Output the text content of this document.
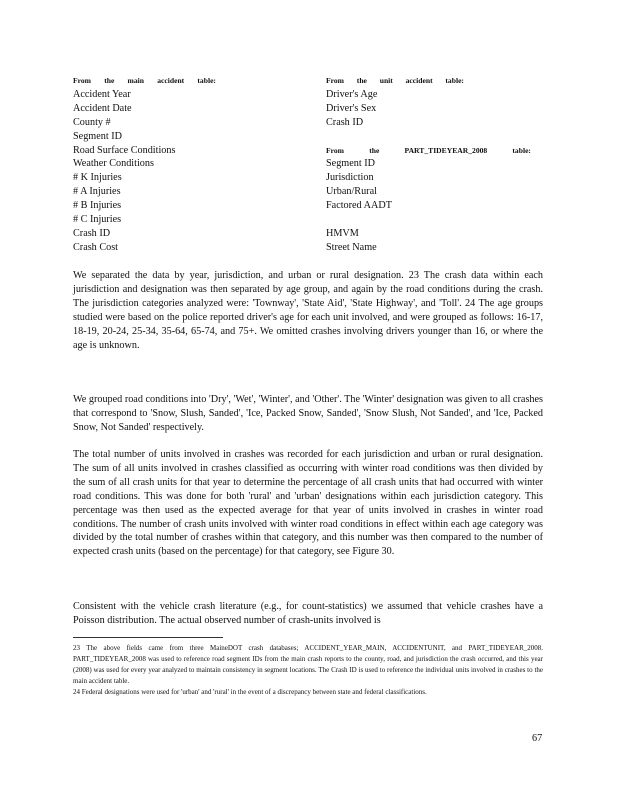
From the main accident table:
Accident Year
Accident Date
County #
Segment ID
Road Surface Conditions
Weather Conditions
# K Injuries
# A Injuries
# B Injuries
# C Injuries
Crash ID
Crash Cost
From the unit accident table:
Driver's Age
Driver's Sex
Crash ID
From	the	PART_TIDEYEAR_2008	table:
Segment ID
Jurisdiction
Urban/Rural
Factored AADT
HMVM
Street Name

We separated the data by year, jurisdiction, and urban or rural designation. 23 The crash data within each jurisdiction and designation was then separated by age group, and again by the road conditions during the crash. The jurisdiction categories analyzed were: 'Townway', 'State Aid', 'State Highway', and 'Toll'. 24 The age groups studied were based on the police reported driver's age for each unit involved, and were grouped as follows: 16-17, 18-19, 20-24, 25-34, 35-64, 65-74, and 75+. We omitted crashes involving drivers younger than 16, or where the age is unknown.

We grouped road conditions into 'Dry', 'Wet', 'Winter', and 'Other'. The 'Winter' designation was given to all crashes that correspond to 'Snow, Slush, Sanded', 'Ice, Packed Snow, Sanded', 'Snow Slush, Not Sanded', and 'Ice, Packed Snow, Not Sanded' respectively.

The total number of units involved in crashes was recorded for each jurisdiction and urban or rural designation. The sum of all units involved in crashes classified as occurring with winter road conditions was then divided by the sum of all crash units for that year to determine the percentage of all crash units that had occurred with winter road conditions. This was done for both 'rural' and 'urban' designations within each jurisdiction category. This percentage was then used as the expected average for that year of units involved in crashes in winter road conditions. The number of crash units involved with winter road conditions in effect within each age category was divided by the total number of crashes within that category, and this number was then compared to the number of expected crash units (based on the percentage) for that category, see Figure 30.

Consistent with the vehicle crash literature (e.g., for count-statistics) we assumed that vehicle crashes have a Poisson distribution. The actual observed number of crash-units involved is

23 The above fields came from three MaineDOT crash databases; ACCIDENT_YEAR_MAIN, ACCIDENTUNIT, and PART_TIDEYEAR_2008. PART_TIDEYEAR_2008 was used to reference road segment IDs from the main crash reports to the county, road, and jurisdiction the crash occurred, and this year (2008) was used for every year analyzed to maintain consistency in segment locations. The Crash ID is used to reference the individual units involved in crashes to the main accident table.
24 Federal designations were used for 'urban' and 'rural' in the event of a discrepancy between state and federal classifications.
67
